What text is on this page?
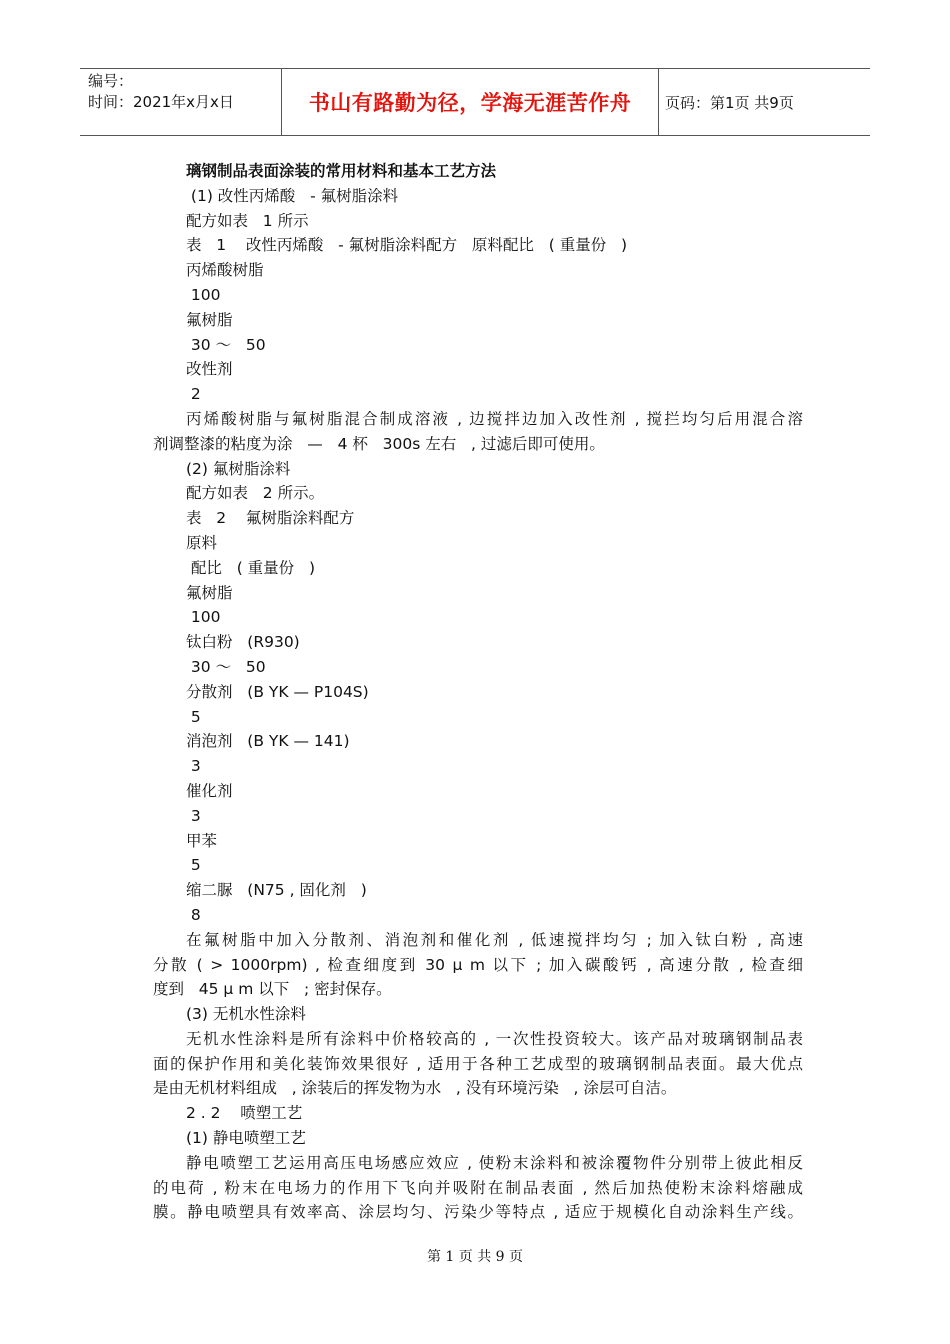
编号：
时间：2021年x月x日	书山有路勤为径，学海无涯苦作舟	页码：第1页 共9页
璃钢制品表面涂装的常用材料和基本工艺方法
(1) 改性丙烯酸   - 氟树脂涂料
配方如表   1 所示
表   1    改性丙烯酸   - 氟树脂涂料配方   原料配比   ( 重量份   )
丙烯酸树脂
100
氟树脂
30 ～   50
改性剂
2
丙烯酸树脂与氟树脂混合制成溶液 , 边搅拌边加入改性剂 , 搅拦均匀后用混合溶
剂调整漆的粘度为涂   —   4 杯   300s 左右   , 过滤后即可使用。
(2) 氟树脂涂料
配方如表   2 所示。
表   2    氟树脂涂料配方
原料
配比   ( 重量份   )
氟树脂
100
钛白粉   (R930)
30 ～   50
分散剂   (B YK — P104S)
5
消泡剂   (B YK — 141)
3
催化剂
3
甲苯
5
缩二脲   (N75 , 固化剂   )
8
在氟树脂中加入分散剂、消泡剂和催化剂 , 低速搅拌均匀 ; 加入钛白粉 , 高速
分散 ( > 1000rpm) , 检查细度到 30 μ m 以下 ; 加入碳酸钙 , 高速分散 , 检查细
度到   45 μ m 以下   ; 密封保存。
(3) 无机水性涂料
无机水性涂料是所有涂料中价格较高的 , 一次性投资较大。该产品对玻璃钢制品表
面的保护作用和美化装饰效果很好 , 适用于各种工艺成型的玻璃钢制品表面。最大优点
是由无机材料组成   , 涂装后的挥发物为水   , 没有环境污染   , 涂层可自洁。
2 . 2    喷塑工艺
(1) 静电喷塑工艺
静电喷塑工艺运用高压电场感应效应 , 使粉末涂料和被涂覆物件分别带上彼此相反
的电荷 , 粉末在电场力的作用下飞向并吸附在制品表面 , 然后加热使粉末涂料熔融成
膜。静电喷塑具有效率高、涂层均匀、污染少等特点 , 适应于规模化自动涂料生产线。
第 1 页 共 9 页
